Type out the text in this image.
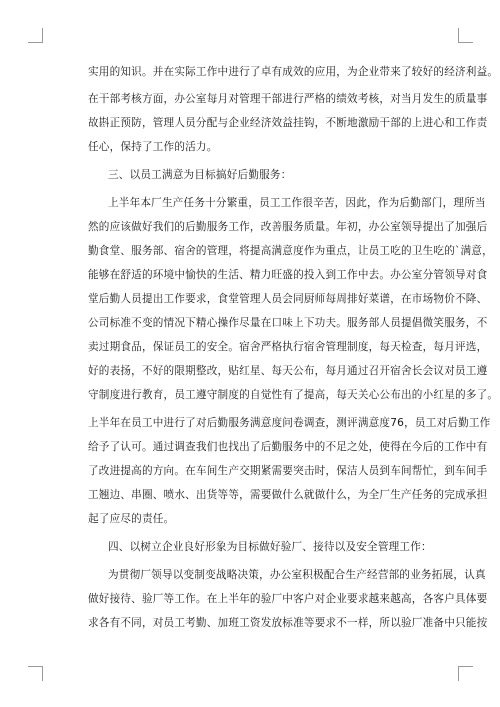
实用的知识。并在实际工作中进行了卓有成效的应用，为企业带来了较好的经济利益。
在干部考核方面，办公室每月对管理干部进行严格的绩效考核，对当月发生的质量事
故斟正预防，管理人员分配与企业经济效益挂钩，不断地激励干部的上进心和工作责
任心，保持了工作的活力。
三、以员工满意为目标搞好后勤服务：
上半年本厂生产任务十分繁重，员工工作很辛苦，因此，作为后勤部门，理所当
然的应该做好我们的后勤服务工作，改善服务质量。年初，办公室领导提出了加强后
勤食堂、服务部、宿舍的管理，将提高满意度作为重点，让员工吃的卫生吃的`满意，
能够在舒适的环境中愉快的生活、精力旺盛的投入到工作中去。办公室分管领导对食
堂后勤人员提出工作要求，食堂管理人员会同厨师每周排好菜谱，在市场物价不降、
公司标准不变的情况下精心操作尽量在口味上下功夫。服务部人员提倡微笑服务，不
卖过期食品，保证员工的安全。宿舍严格执行宿舍管理制度，每天检查，每月评选，
好的表扬，不好的限期整改，贴红星、每天公布，每月通过召开宿舍长会议对员工遵
守制度进行教育，员工遵守制度的自觉性有了提高，每天关心公布出的小红星的多了。
上半年在员工中进行了对后勤服务满意度问卷调查，测评满意度76，员工对后勤工作
给予了认可。通过调查我们也找出了后勤服务中的不足之处，使得在今后的工作中有
了改进提高的方向。在车间生产交期紧需要突击时，保洁人员到车间帮忙，到车间手
工翘边、串圈、喷水、出货等等，需要做什么就做什么，为全厂生产任务的完成承担
起了应尽的责任。
四、以树立企业良好形象为目标做好验厂、接待以及安全管理工作：
为贯彻厂领导以变制变战略决策，办公室积极配合生产经营部的业务拓展，认真
做好接待、验厂等工作。在上半年的验厂中客户对企业要求越来越高，各客户具体要
求各有不同，对员工考勤、加班工资发放标准等要求不一样，所以验厂准备中只能按
